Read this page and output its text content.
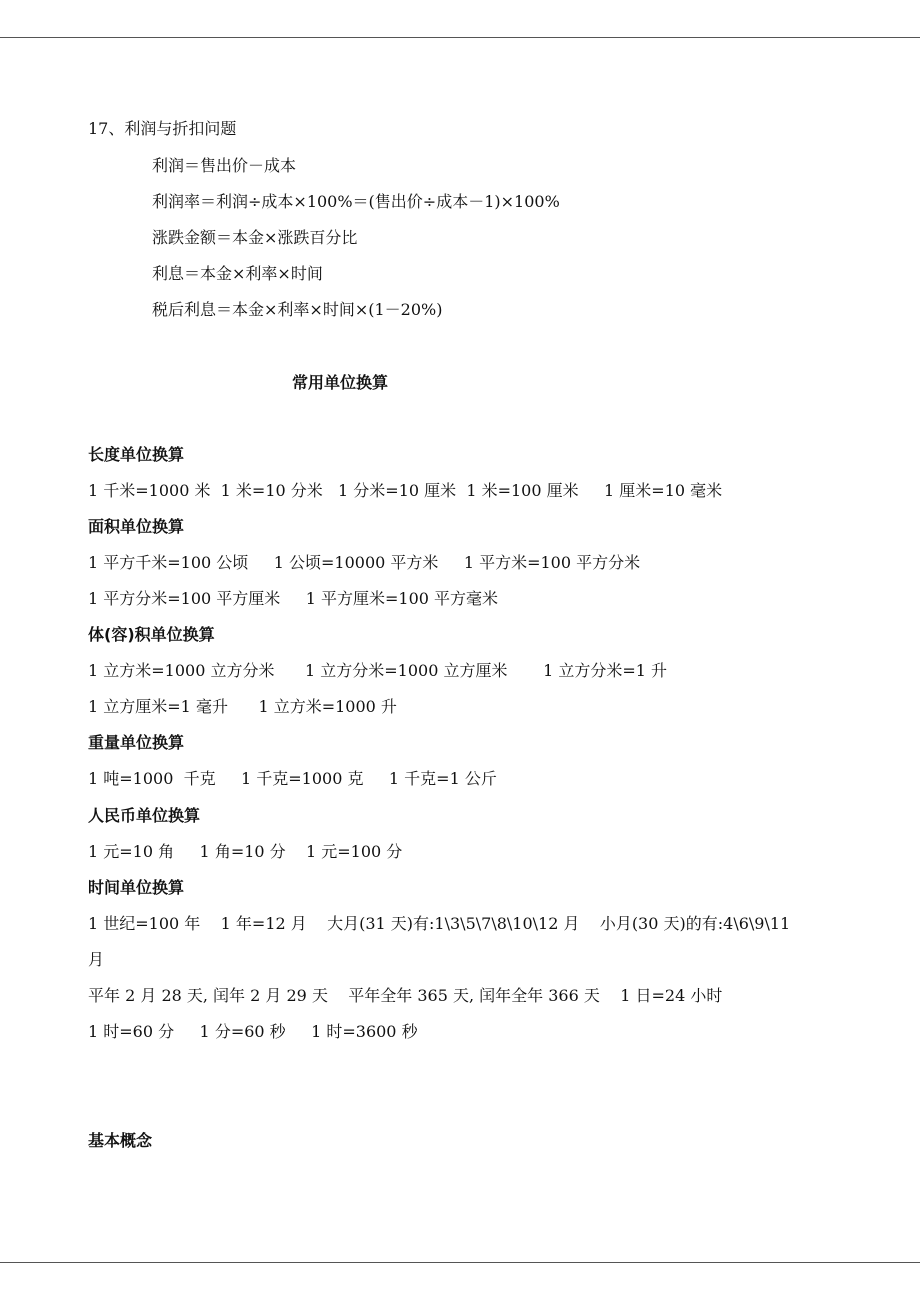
17、利润与折扣问题
利润＝售出价－成本
利润率＝利润÷成本×100%＝(售出价÷成本－1)×100%
涨跌金额＝本金×涨跌百分比
利息＝本金×利率×时间
税后利息＝本金×利率×时间×(1－20%)
常用单位换算
长度单位换算
1 千米=1000 米  1 米=10 分米   1 分米=10 厘米  1 米=100 厘米     1 厘米=10 毫米
面积单位换算
1 平方千米=100 公顷     1 公顷=10000 平方米     1 平方米=100 平方分米
1 平方分米=100 平方厘米     1 平方厘米=100 平方毫米
体(容)积单位换算
1 立方米=1000 立方分米      1 立方分米=1000 立方厘米       1 立方分米=1 升
1 立方厘米=1 毫升      1 立方米=1000 升
重量单位换算
1 吨=1000  千克     1 千克=1000 克     1 千克=1 公斤
人民币单位换算
1 元=10 角     1 角=10 分    1 元=100 分
时间单位换算
1 世纪=100 年    1 年=12 月    大月(31 天)有:1\3\5\7\8\10\12 月    小月(30 天)的有:4\6\9\11
月
平年 2 月 28 天, 闰年 2 月 29 天    平年全年 365 天, 闰年全年 366 天    1 日=24 小时
1 时=60 分     1 分=60 秒     1 时=3600 秒
基本概念
